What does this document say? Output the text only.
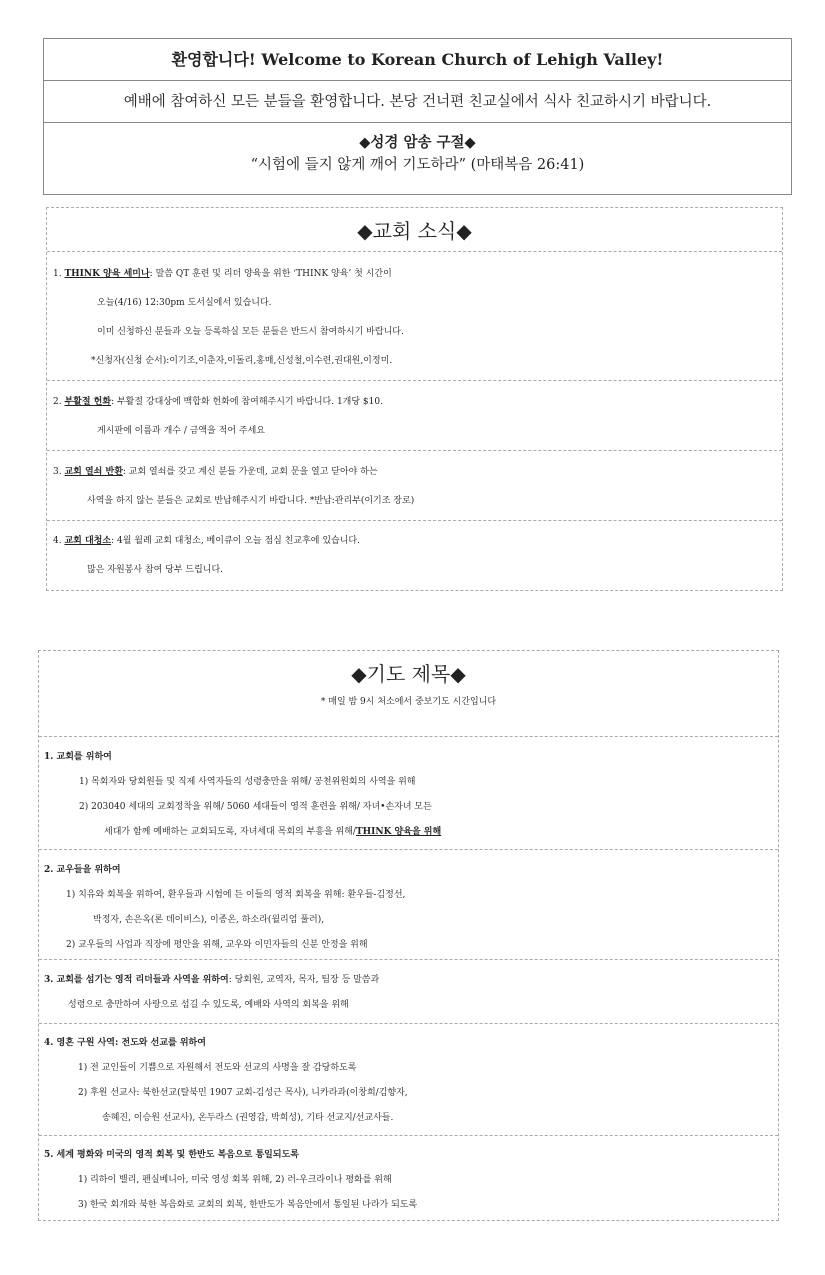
환영합니다! Welcome to Korean Church of Lehigh Valley!
예배에 참여하신 모든 분들을 환영합니다. 본당 건너편 친교실에서 식사 친교하시기 바랍니다.
◆성경 암송 구절◆
“시험에 들지 않게 깨어 기도하라” (마태복음 26:41)
◆교회 소식◆
1. THINK 양육 세미나: 말씀 QT 훈련 및 리더 양육을 위한 ‘THINK 양육’ 첫 시간이
오늘(4/16) 12:30pm 도서실에서 있습니다.
이미 신청하신 분들과 오늘 등록하실 모든 분들은 반드시 참여하시기 바랍니다.
*신청자(신청 순서):이기조,이춘자,이돌리,홍매,신성철,이수련,권대원,이정미.
2. 부활절 헌화: 부활절 강대상에 백합화 헌화에 참여해주시기 바랍니다. 1개당 $10.
게시판에 이름과 개수 / 금액을 적어 주세요
3. 교회 열쇠 반환: 교회 열쇠를 갖고 계신 분들 가운데, 교회 문을 열고 닫아야 하는
사역을 하지 않는 분들은 교회로 반납해주시기 바랍니다. *반납:관리부(이기조 장로)
4. 교회 대청소: 4월 월례 교회 대청소, 베이큐이 오늘 점심 친교후에 있습니다.
많은 자원봉사 참여 당부 드립니다.
◆기도 제목◆
* 매일 밤 9시 처소에서 중보기도 시간입니다
1. 교회를 위하여
1) 목회자와 당회원들 및 직제 사역자들의 성령충만을 위해/ 공천위원회의 사역을 위해
2) 203040 세대의 교회정착을 위해/ 5060 세대들이 영적 훈련을 위해/ 자녀•손자녀 모든
세대가 함께 예배하는 교회되도록, 자녀세대 목회의 부흥을 위해/THINK 양육을 위해
2. 교우들을 위하여
1) 치유와 회복을 위하여, 환우들과 시험에 든 이들의 영적 회복을 위해: 환우들-김정선,
박정자, 손은옥(론 데이비스), 이종온, 하소라(윌리엄 풀러),
2) 교우들의 사업과 직장에 평안을 위해, 교우와 이민자들의 신분 안정을 위해
3. 교회를 섬기는 영적 리더들과 사역을 위하여: 당회원, 교역자, 목자, 팀장 등 말씀과
성령으로 충만하여 사랑으로 섬길 수 있도록, 예배와 사역의 회복을 위해
4. 영혼 구원 사역: 전도와 선교를 위하여
1) 전 교인들이 기쁨으로 자원해서 전도와 선교의 사명을 잘 감당하도록
2) 후원 선교사: 북한선교(탈북민 1907 교회-김성근 목사), 니카라과(이창희/김향자,
송혜진, 이승원 선교사), 온두라스 (권영갑, 박희성), 기타 선교지/선교사들.
5. 세계 평화와 미국의 영적 회복 및 한반도 복음으로 통일되도록
1) 리하이 밸리, 펜실베니아, 미국 영성 회복 위해, 2) 러-우크라이나 평화를 위해
3) 한국 회개와 북한 복음화로 교회의 회복, 한반도가 복음안에서 통일된 나라가 되도록
